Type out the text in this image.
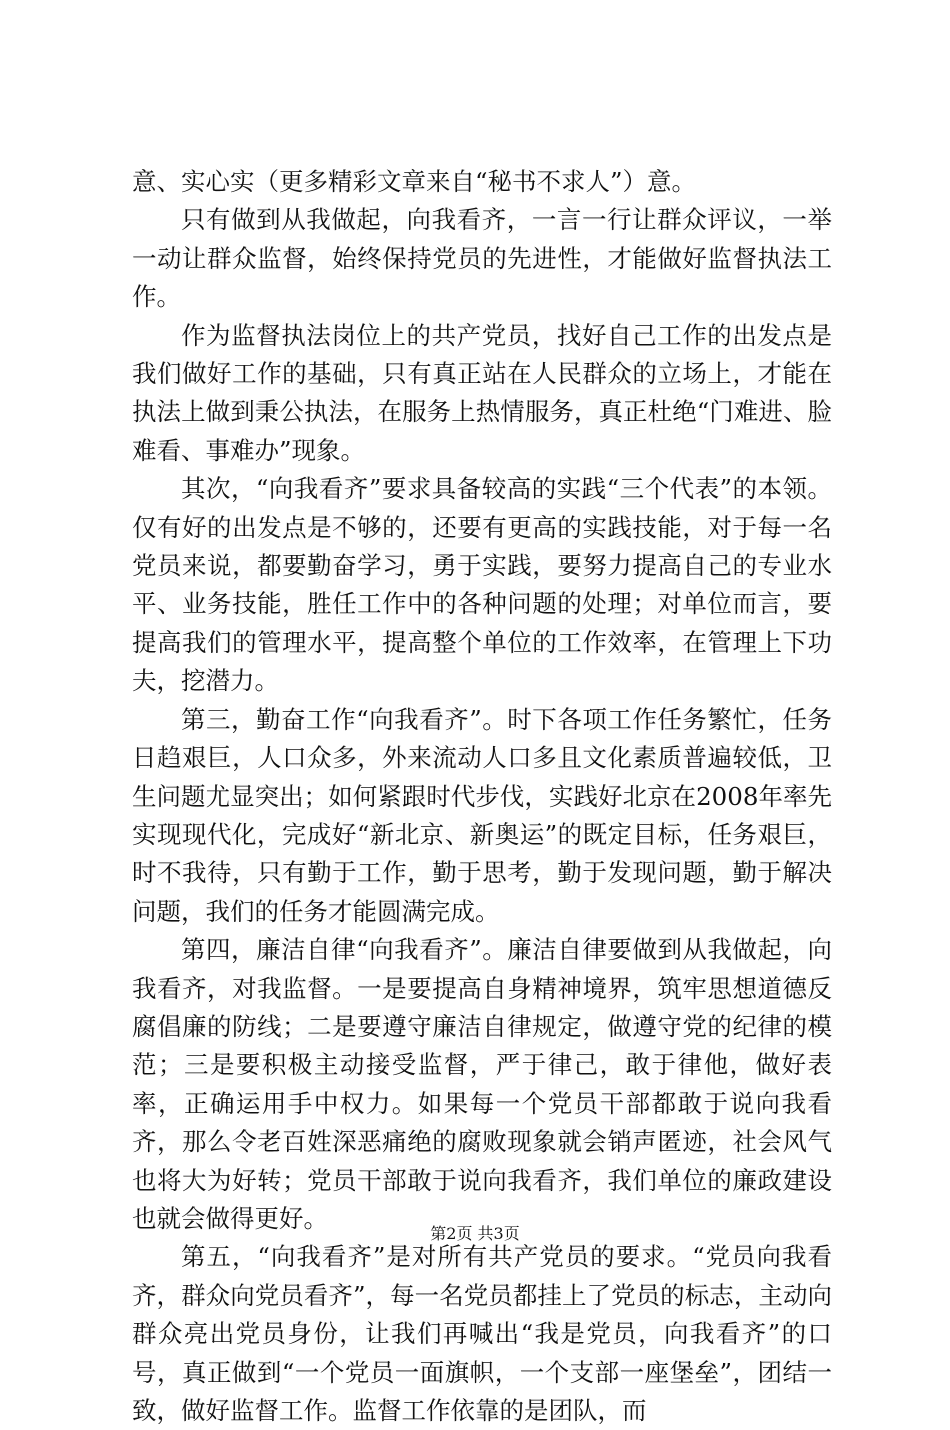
意、实心实（更多精彩文章来自“秘书不求人”）意。

只有做到从我做起，向我看齐，一言一行让群众评议，一举一动让群众监督，始终保持党员的先进性，才能做好监督执法工作。

作为监督执法岗位上的共产党员，找好自己工作的出发点是我们做好工作的基础，只有真正站在人民群众的立场上，才能在执法上做到秉公执法，在服务上热情服务，真正杜绝“门难进、脸难看、事难办”现象。

其次，“向我看齐”要求具备较高的实践“三个代表”的本领。仅有好的出发点是不够的，还要有更高的实践技能，对于每一名党员来说，都要勤奋学习，勇于实践，要努力提高自己的专业水平、业务技能，胜任工作中的各种问题的处理；对单位而言，要提高我们的管理水平，提高整个单位的工作效率，在管理上下功夫，挖潜力。

第三，勤奋工作“向我看齐”。时下各项工作任务繁忙，任务日趋艰巨，人口众多，外来流动人口多且文化素质普遍较低，卫生问题尤显突出；如何紧跟时代步伐，实践好北京在2008年率先实现现代化，完成好“新北京、新奥运”的既定目标，任务艰巨，时不我待，只有勤于工作，勤于思考，勤于发现问题，勤于解决问题，我们的任务才能圆满完成。

第四，廉洁自律“向我看齐”。廉洁自律要做到从我做起，向我看齐，对我监督。一是要提高自身精神境界，筑牢思想道德反腐倡廉的防线；二是要遵守廉洁自律规定，做遵守党的纪律的模范；三是要积极主动接受监督，严于律己，敢于律他，做好表率，正确运用手中权力。如果每一个党员干部都敢于说向我看齐，那么令老百姓深恶痛绝的腐败现象就会销声匿迹，社会风气也将大为好转；党员干部敢于说向我看齐，我们单位的廉政建设也就会做得更好。

第五，“向我看齐”是对所有共产党员的要求。“党员向我看齐，群众向党员看齐”，每一名党员都挂上了党员的标志，主动向群众亮出党员身份，让我们再喊出“我是党员，向我看齐”的口号，真正做到“一个党员一面旗帜，一个支部一座堡垒”，团结一致，做好监督工作。监督工作依靠的是团队，而

第2页 共3页
